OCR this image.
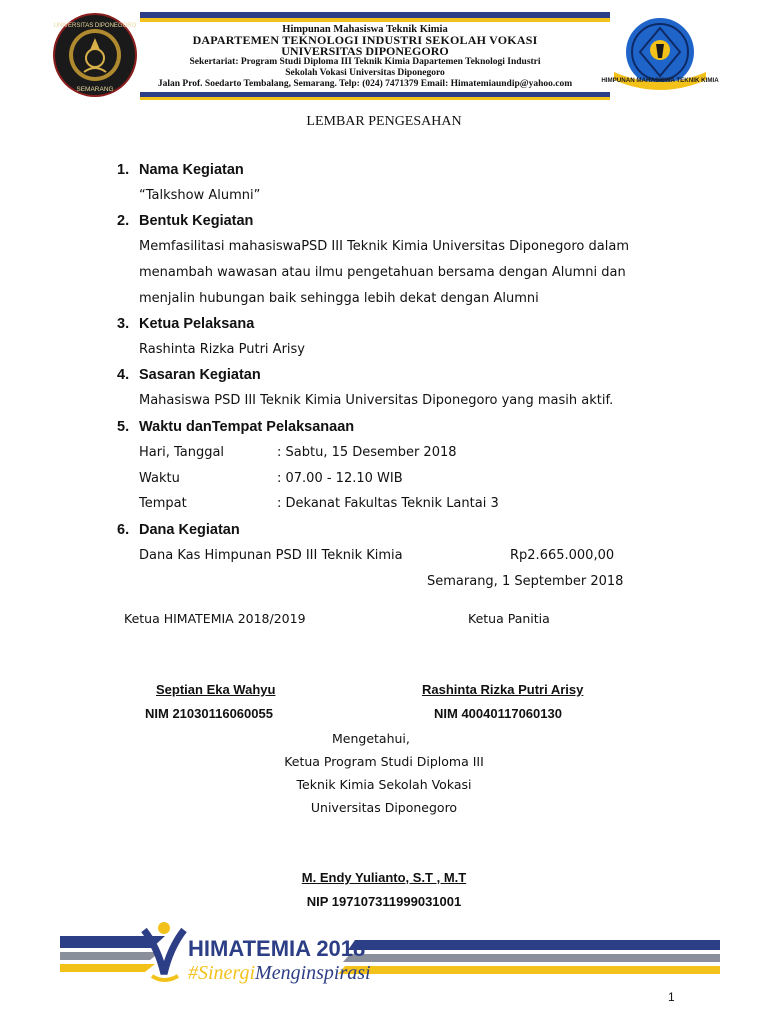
UNIVERSITAS DIPONEGORO
SEMARANG
Himpunan Mahasiswa Teknik Kimia
DAPARTEMEN TEKNOLOGI INDUSTRI SEKOLAH VOKASI
UNIVERSITAS DIPONEGORO
Sekertariat: Program Studi Diploma III Teknik Kimia Dapartemen Teknologi Industri
Sekolah Vokasi Universitas Diponegoro
Jalan Prof. Soedarto Tembalang, Semarang. Telp: (024) 7471379 Email: Himatemiaundip@yahoo.com	HIMPUNAN MAHASISWA TEKNIK KIMIA
LEMBAR PENGESAHAN
1. Nama Kegiatan
“Talkshow Alumni”
2. Bentuk Kegiatan
Memfasilitasi mahasiswaPSD III Teknik Kimia Universitas Diponegoro dalam
menambah wawasan atau ilmu pengetahuan bersama dengan Alumni dan
menjalin hubungan baik sehingga lebih dekat dengan Alumni
3. Ketua Pelaksana
Rashinta Rizka Putri Arisy
4. Sasaran Kegiatan
Mahasiswa PSD III Teknik Kimia Universitas Diponegoro yang masih aktif.
5. Waktu danTempat Pelaksanaan
Hari, Tanggal	: Sabtu, 15 Desember 2018
Waktu	: 07.00 - 12.10 WIB
Tempat	: Dekanat Fakultas Teknik Lantai 3
6. Dana Kegiatan
Dana Kas Himpunan PSD III Teknik Kimia	Rp2.665.000,00
Semarang, 1 September 2018
Ketua HIMATEMIA 2018/2019	Ketua Panitia
Septian Eka Wahyu	Rashinta Rizka Putri Arisy
NIM 21030116060055	NIM 40040117060130
Mengetahui,
Ketua Program Studi Diploma III
Teknik Kimia Sekolah Vokasi
Universitas Diponegoro
M. Endy Yulianto, S.T , M.T
NIP 197107311999031001
HIMATEMIA 2018
#SinergiMenginspirasi
1
